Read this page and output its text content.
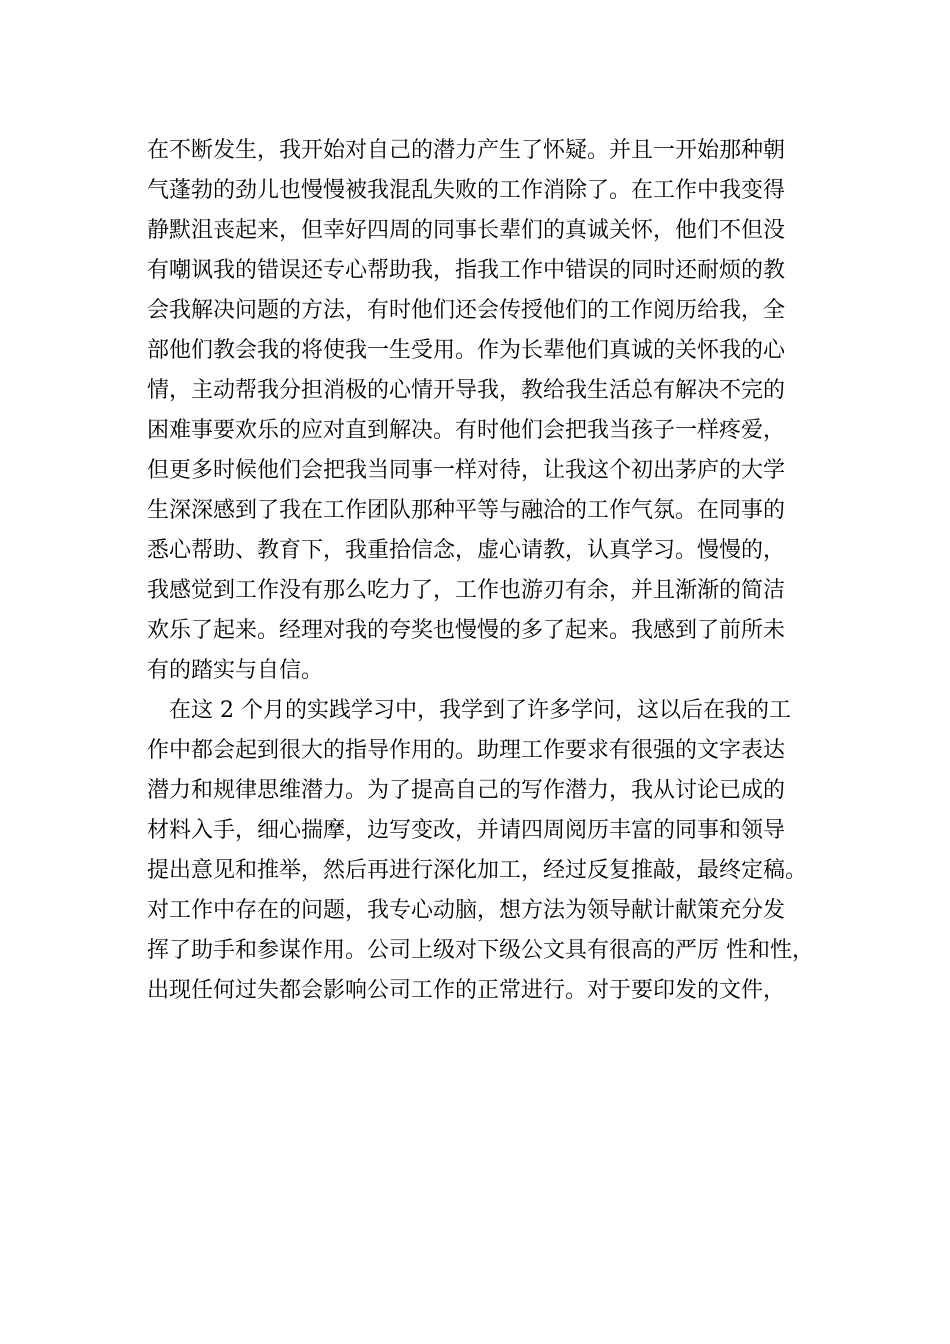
在不断发生，我开始对自己的潜力产生了怀疑。并且一开始那种朝
气蓬勃的劲儿也慢慢被我混乱失败的工作消除了。在工作中我变得
静默沮丧起来，但幸好四周的同事长辈们的真诚关怀，他们不但没
有嘲讽我的错误还专心帮助我，指我工作中错误的同时还耐烦的教
会我解决问题的方法，有时他们还会传授他们的工作阅历给我，全
部他们教会我的将使我一生受用。作为长辈他们真诚的关怀我的心
情，主动帮我分担消极的心情开导我，教给我生活总有解决不完的
困难事要欢乐的应对直到解决。有时他们会把我当孩子一样疼爱，
但更多时候他们会把我当同事一样对待，让我这个初出茅庐的大学
生深深感到了我在工作团队那种平等与融洽的工作气氛。在同事的
悉心帮助、教育下，我重拾信念，虚心请教，认真学习。慢慢的，
我感觉到工作没有那么吃力了，工作也游刃有余，并且渐渐的简洁
欢乐了起来。经理对我的夸奖也慢慢的多了起来。我感到了前所未
有的踏实与自信。
在这 2 个月的实践学习中，我学到了许多学问，这以后在我的工
作中都会起到很大的指导作用的。助理工作要求有很强的文字表达
潜力和规律思维潜力。为了提高自己的写作潜力，我从讨论已成的
材料入手，细心揣摩，边写变改，并请四周阅历丰富的同事和领导
提出意见和推举，然后再进行深化加工，经过反复推敲，最终定稿。
对工作中存在的问题，我专心动脑，想方法为领导献计献策充分发
挥了助手和参谋作用。公司上级对下级公文具有很高的严厉 性和性，
出现任何过失都会影响公司工作的正常进行。对于要印发的文件，
